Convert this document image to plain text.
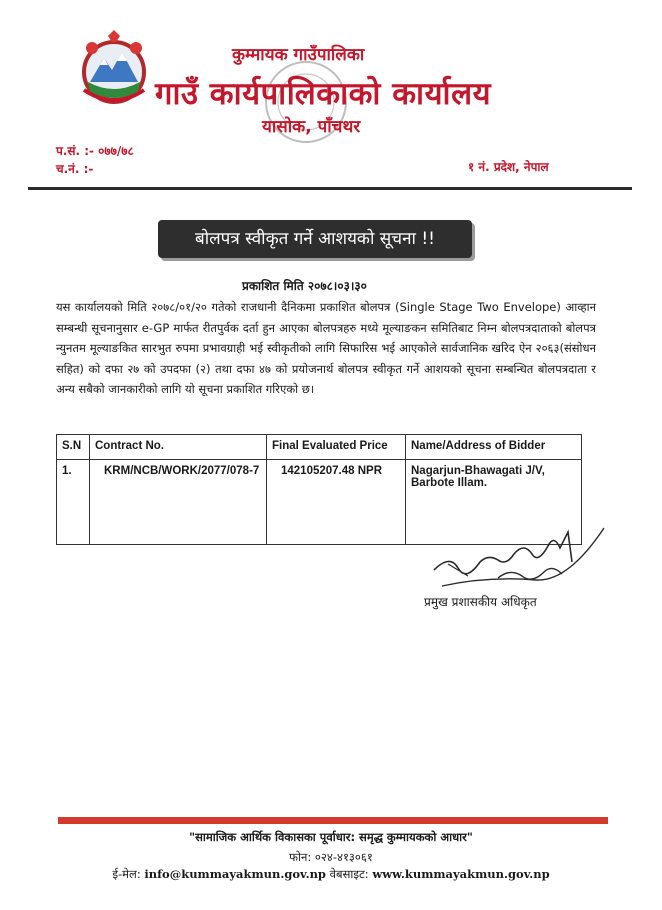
कुम्मायक गाउँपालिका
गाउँ कार्यपालिकाको कार्यालय
यासोक, पाँचथर
प.सं. :- ०७७/७८
च.नं. :-	१ नं. प्रदेश, नेपाल
बोलपत्र स्वीकृत गर्ने आशयको सूचना !!
प्रकाशित मिति २०७८।०३।३०
यस कार्यालयको मिति २०७८/०१/२० गतेको राजधानी दैनिकमा प्रकाशित बोलपत्र (Single Stage Two Envelope) आव्हान सम्बन्धी सूचनानुसार e-GP मार्फत रीतपुर्वक दर्ता हुन आएका बोलपत्रहरु मध्ये मूल्याङकन समितिबाट निम्न बोलपत्रदाताको बोलपत्र न्युनतम मूल्याङकित सारभुत रुपमा प्रभावग्राही भई स्वीकृतीको लागि सिफारिस भई आएकोले सार्वजानिक खरिद ऐन २०६३(संसोधन सहित) को दफा २७ को उपदफा (२) तथा दफा ४७ को प्रयोजनार्थ बोलपत्र स्वीकृत गर्ने आशयको सूचना सम्बन्धित बोलपत्रदाता र अन्य सबैको जानकारीको लागि यो सूचना प्रकाशित गरिएको छ।
S.N	Contract No.	Final Evaluated Price	Name/Address of Bidder
1.	KRM/NCB/WORK/2077/078-7	142105207.48 NPR	Nagarjun-Bhawagati J/V, Barbote Illam.
प्रमुख प्रशासकीय अधिकृत
"सामाजिक आर्थिक विकासका पूर्वाधार: समृद्ध कुम्मायकको आधार"
फोन: ०२४-४१३०६१
ई-मेल: info@kummayakmun.gov.np वेबसाइट: www.kummayakmun.gov.np
